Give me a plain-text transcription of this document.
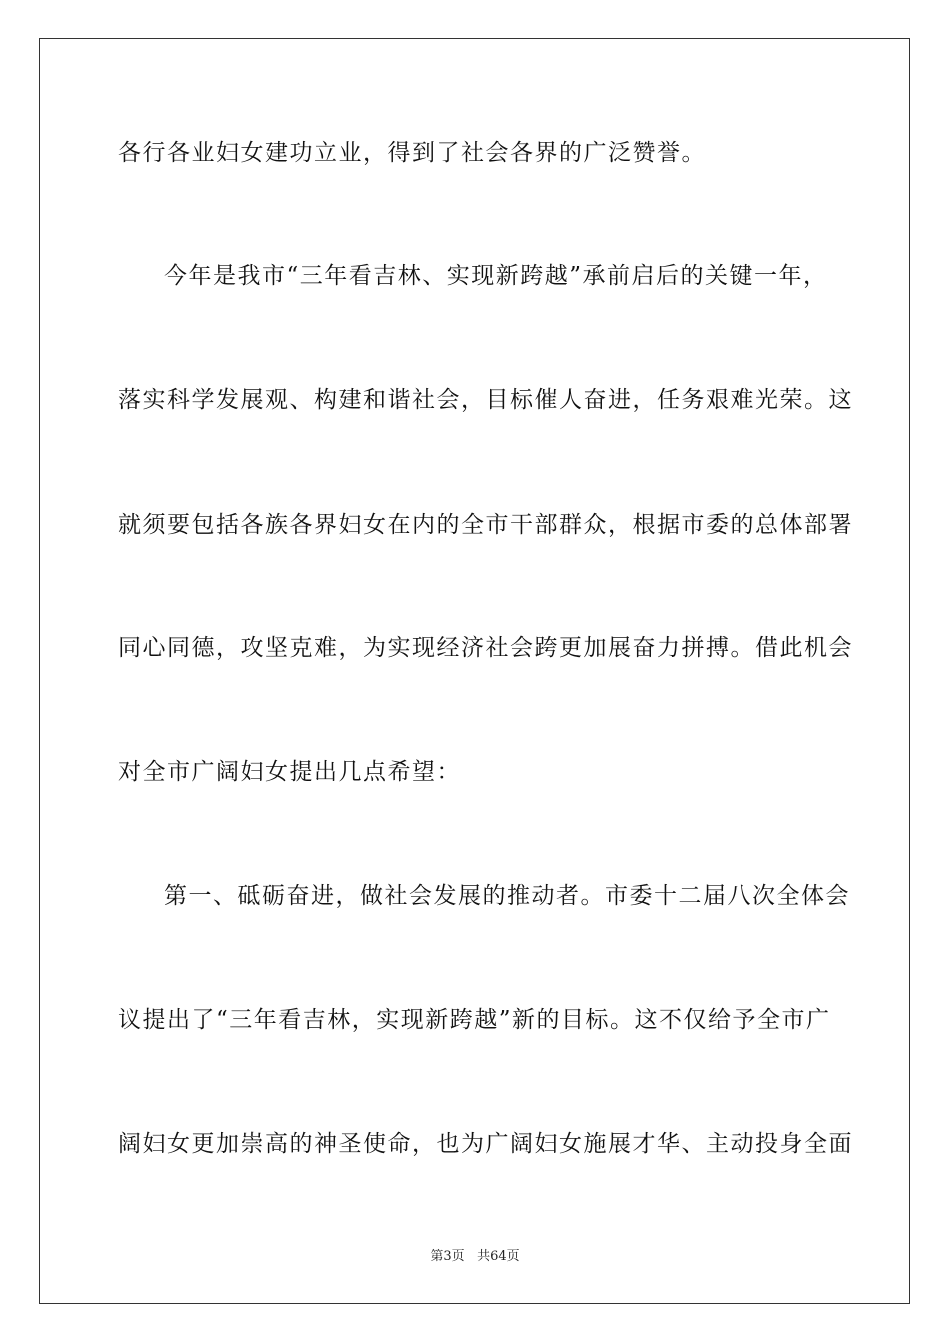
各行各业妇女建功立业，得到了社会各界的广泛赞誉。
今年是我市“三年看吉林、实现新跨越”承前启后的关键一年，
落实科学发展观、构建和谐社会，目标催人奋进，任务艰难光荣。这
就须要包括各族各界妇女在内的全市干部群众，根据市委的总体部署
同心同德，攻坚克难，为实现经济社会跨更加展奋力拼搏。借此机会
对全市广阔妇女提出几点希望：
第一、砥砺奋进，做社会发展的推动者。市委十二届八次全体会
议提出了“三年看吉林，实现新跨越”新的目标。这不仅给予全市广
阔妇女更加崇高的神圣使命，也为广阔妇女施展才华、主动投身全面
第3页 共64页
